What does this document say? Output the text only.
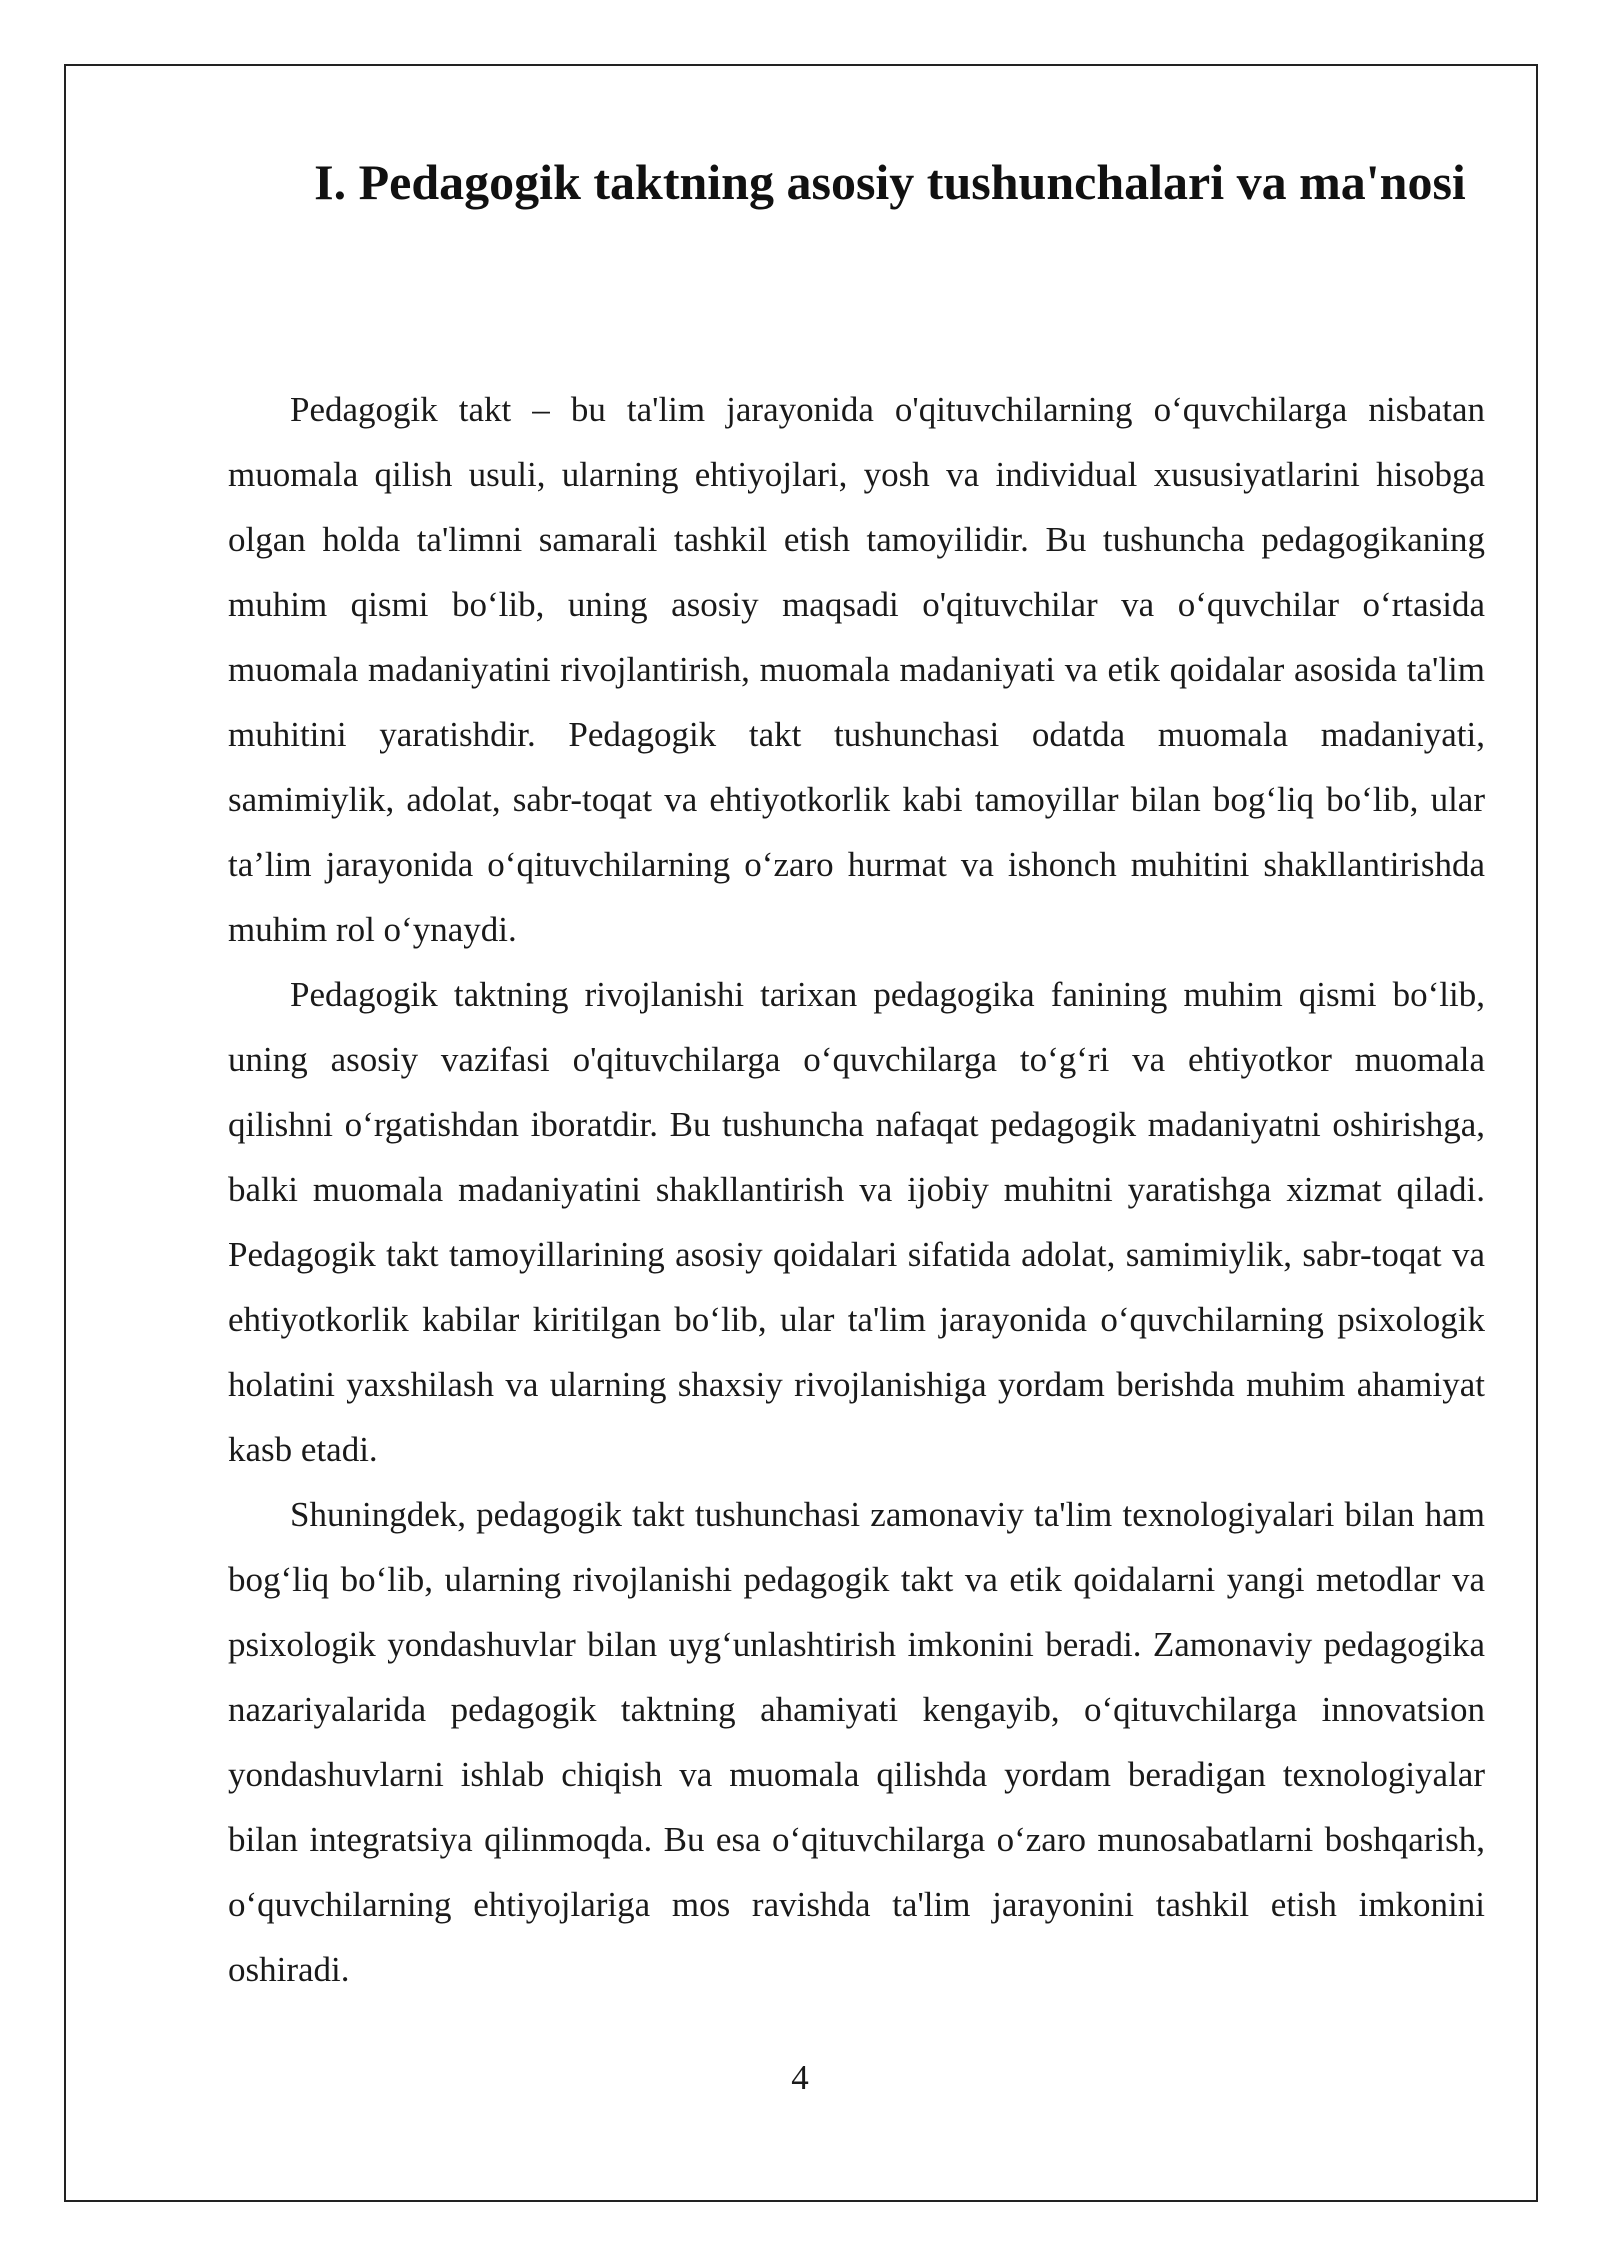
I. Pedagogik taktning asosiy tushunchalari va ma'nosi

Pedagogik takt – bu ta'lim jarayonida o'qituvchilarning o‘quvchilarga nisbatan muomala qilish usuli, ularning ehtiyojlari, yosh va individual xususiyatlarini hisobga olgan holda ta'limni samarali tashkil etish tamoyilidir. Bu tushuncha pedagogikaning muhim qismi bo‘lib, uning asosiy maqsadi o'qituvchilar va o‘quvchilar o‘rtasida muomala madaniyatini rivojlantirish, muomala madaniyati va etik qoidalar asosida ta'lim muhitini yaratishdir. Pedagogik takt tushunchasi odatda muomala madaniyati, samimiylik, adolat, sabr-toqat va ehtiyotkorlik kabi tamoyillar bilan bog‘liq bo‘lib, ular ta’lim jarayonida o‘qituvchilarning o‘zaro hurmat va ishonch muhitini shakllantirishda muhim rol o‘ynaydi.

Pedagogik taktning rivojlanishi tarixan pedagogika fanining muhim qismi bo‘lib, uning asosiy vazifasi o'qituvchilarga o‘quvchilarga to‘g‘ri va ehtiyotkor muomala qilishni o‘rgatishdan iboratdir. Bu tushuncha nafaqat pedagogik madaniyatni oshirishga, balki muomala madaniyatini shakllantirish va ijobiy muhitni yaratishga xizmat qiladi. Pedagogik takt tamoyillarining asosiy qoidalari sifatida adolat, samimiylik, sabr-toqat va ehtiyotkorlik kabilar kiritilgan bo‘lib, ular ta'lim jarayonida o‘quvchilarning psixologik holatini yaxshilash va ularning shaxsiy rivojlanishiga yordam berishda muhim ahamiyat kasb etadi.

Shuningdek, pedagogik takt tushunchasi zamonaviy ta'lim texnologiyalari bilan ham bog‘liq bo‘lib, ularning rivojlanishi pedagogik takt va etik qoidalarni yangi metodlar va psixologik yondashuvlar bilan uyg‘unlashtirish imkonini beradi. Zamonaviy pedagogika nazariyalarida pedagogik taktning ahamiyati kengayib, o‘qituvchilarga innovatsion yondashuvlarni ishlab chiqish va muomala qilishda yordam beradigan texnologiyalar bilan integratsiya qilinmoqda. Bu esa o‘qituvchilarga o‘zaro munosabatlarni boshqarish, o‘quvchilarning ehtiyojlariga mos ravishda ta'lim jarayonini tashkil etish imkonini oshiradi.

4
